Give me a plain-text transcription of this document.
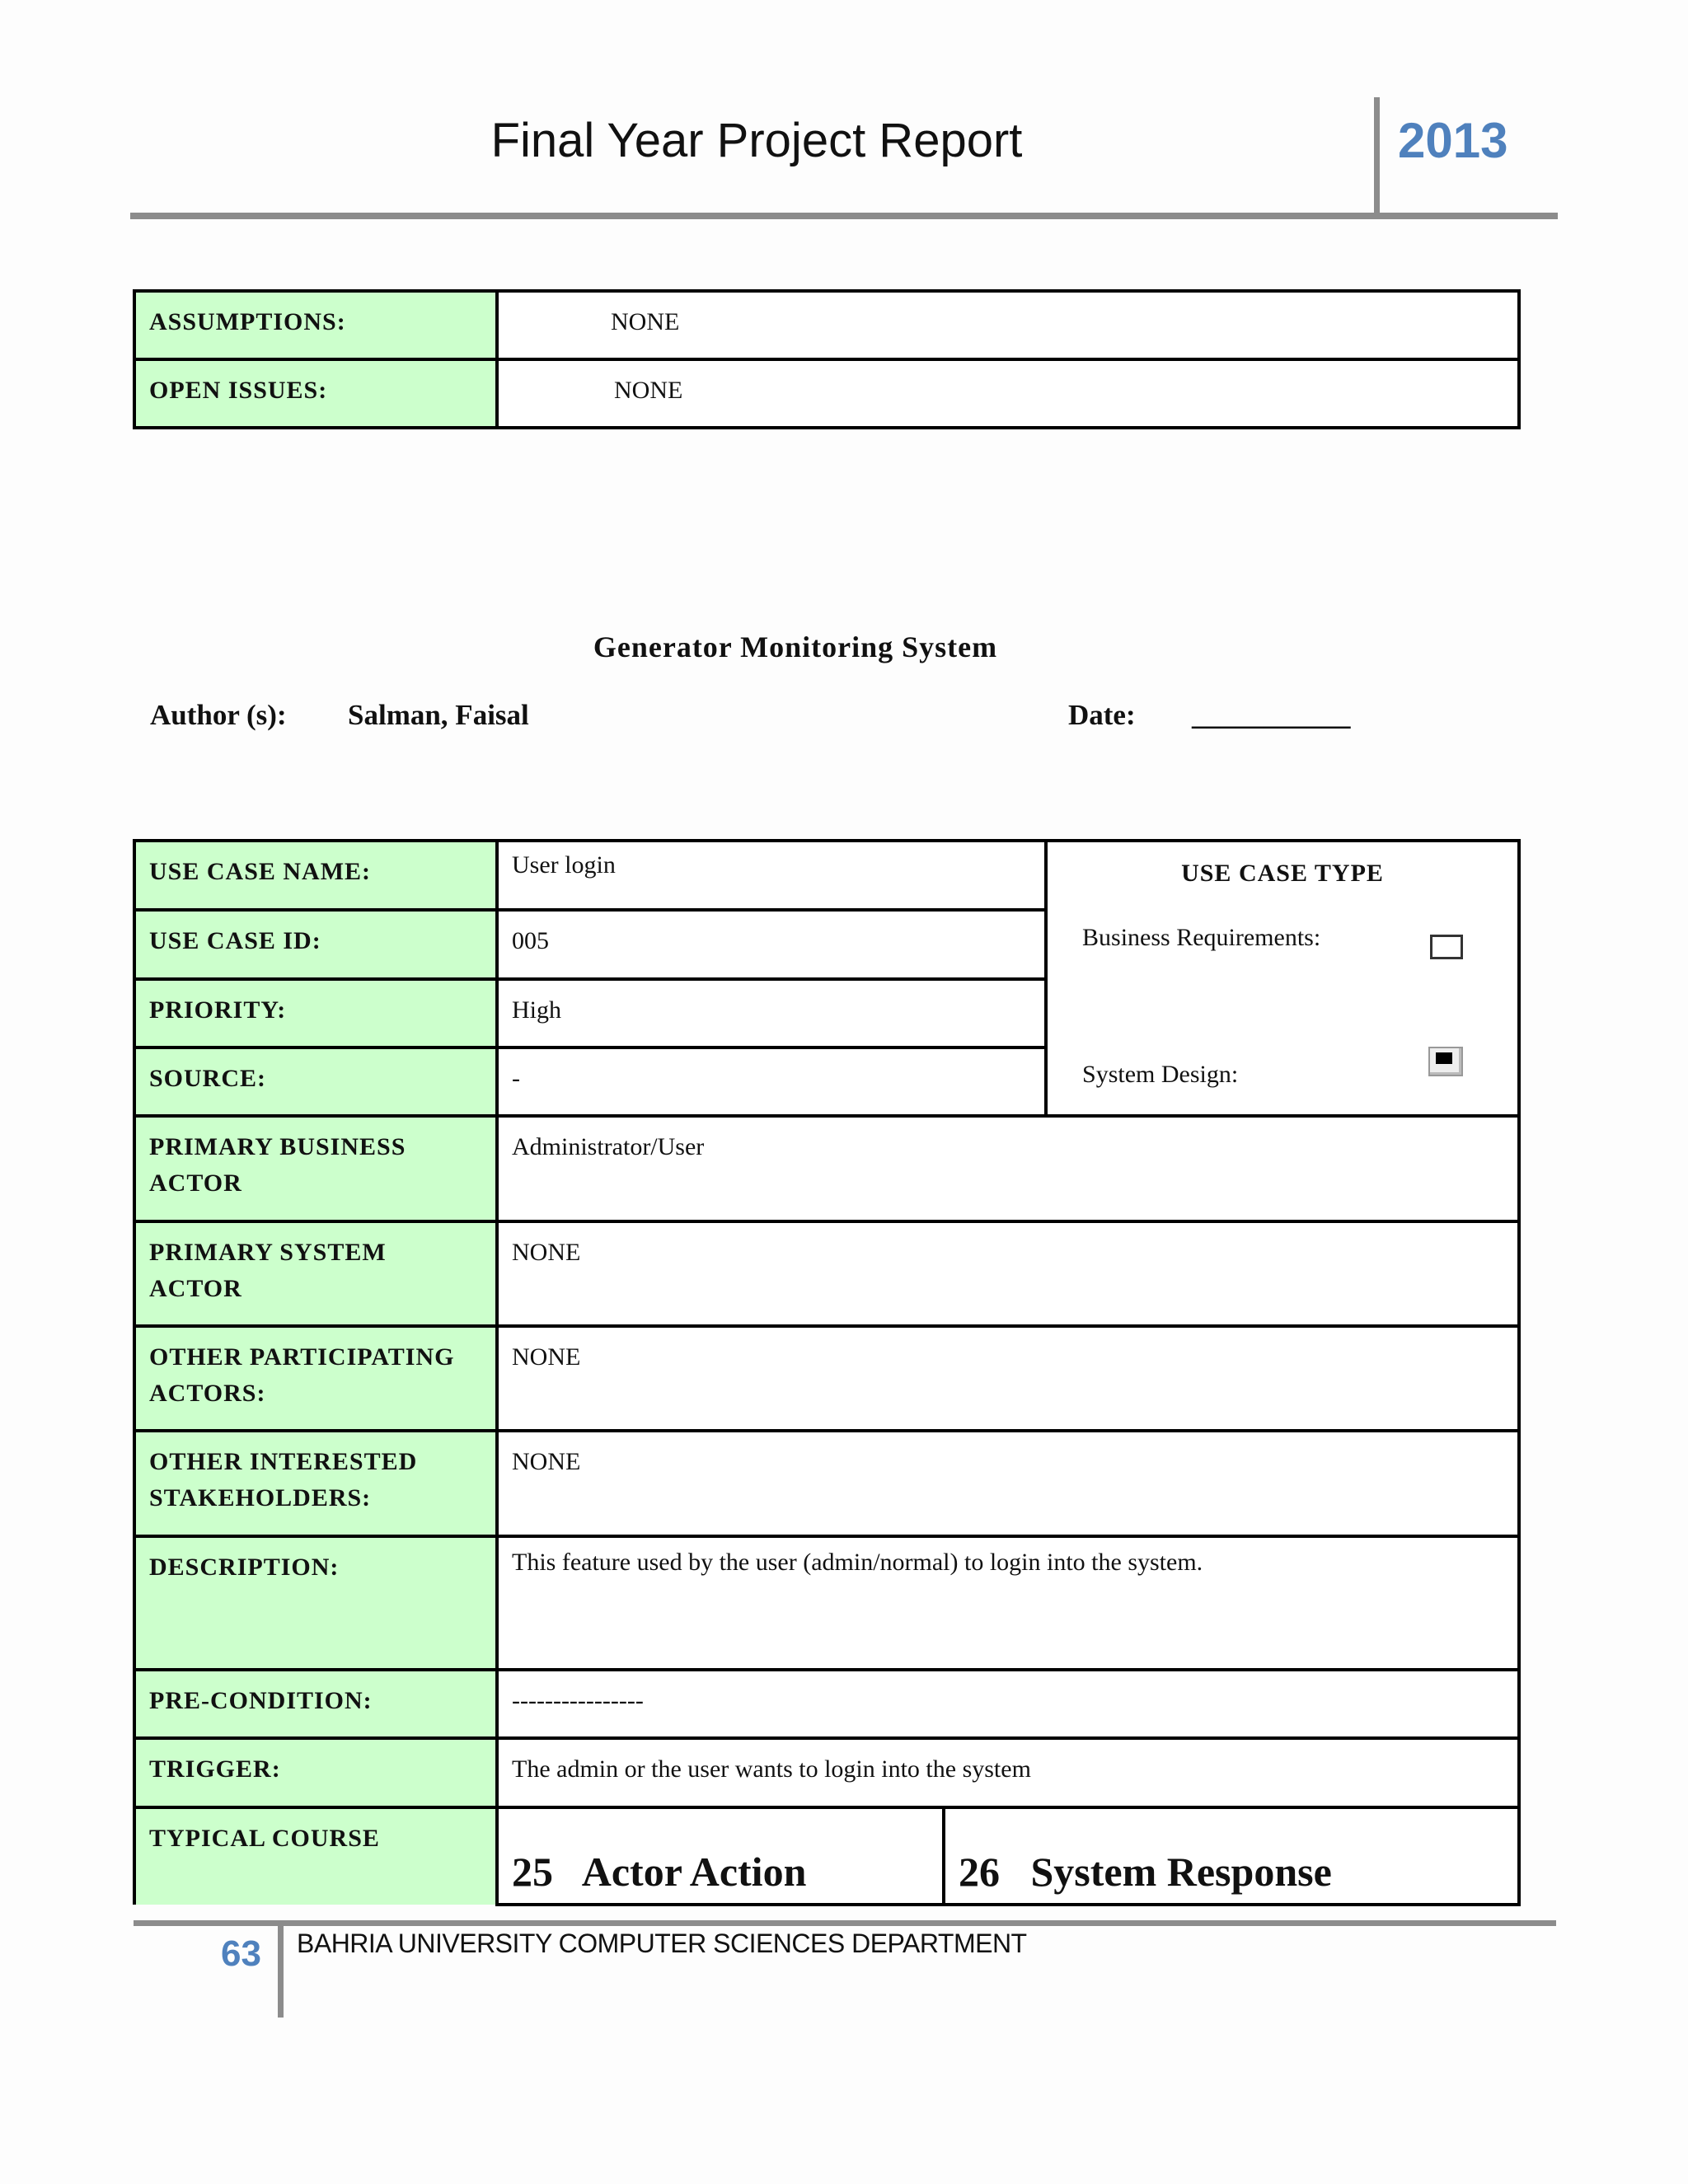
Final Year Project Report	2013
ASSUMPTIONS:	NONE
OPEN ISSUES:	NONE
Generator Monitoring System
Author (s): Salman, Faisal	Date: ___________
USE CASE NAME:	User login		USE CASE TYPE
Business Requirements:
System Design:

USE CASE ID:	005		
PRIORITY:	High		
SOURCE:	-		
PRIMARY BUSINESS ACTOR	Administrator/User		
PRIMARY SYSTEM ACTOR	NONE		
OTHER PARTICIPATING ACTORS:	NONE		
OTHER INTERESTED STAKEHOLDERS:	NONE		
DESCRIPTION:	This feature used by the user (admin/normal) to login into the system.		
PRE-CONDITION:	----------------		
TRIGGER:	The admin or the user wants to login into the system		
TYPICAL COURSE	25   Actor Action	26   System Response	
63 BAHRIA UNIVERSITY COMPUTER SCIENCES DEPARTMENT
